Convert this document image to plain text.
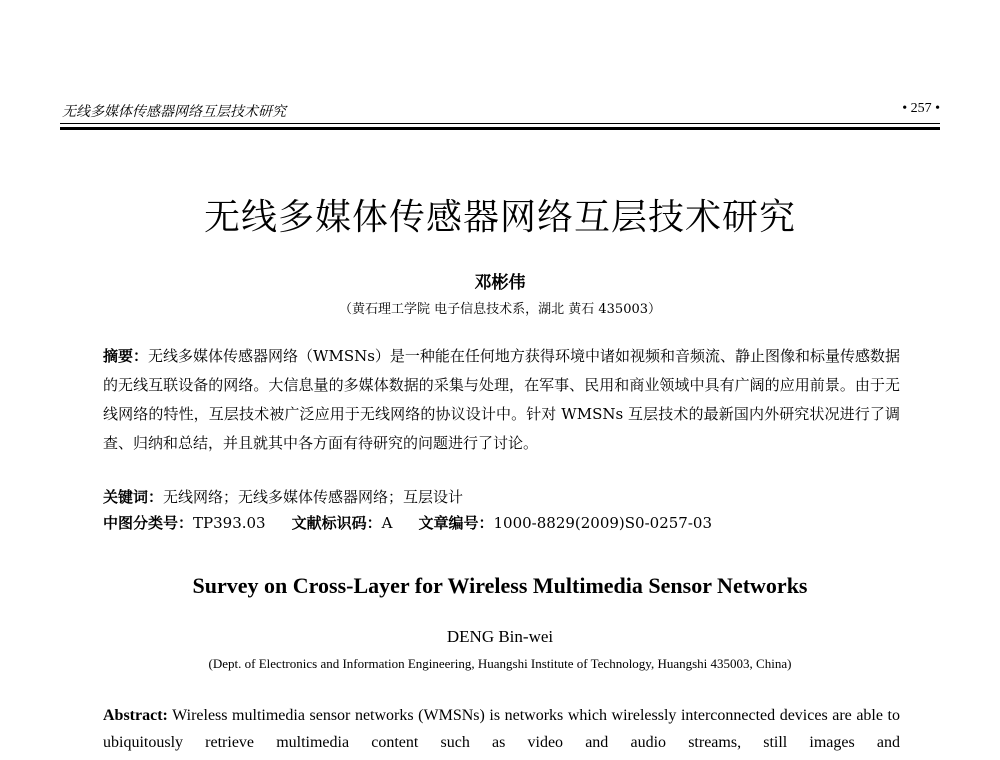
无线多媒体传感器网络互层技术研究	• 257 •
无线多媒体传感器网络互层技术研究
邓彬伟
（黄石理工学院 电子信息技术系，湖北 黄石 435003）
摘要：无线多媒体传感器网络（WMSNs）是一种能在任何地方获得环境中诸如视频和音频流、静止图像和标量传感数据的无线互联设备的网络。大信息量的多媒体数据的采集与处理，在军事、民用和商业领域中具有广阔的应用前景。由于无线网络的特性，互层技术被广泛应用于无线网络的协议设计中。针对 WMSNs 互层技术的最新国内外研究状况进行了调查、归纳和总结，并且就其中各方面有待研究的问题进行了讨论。
关键词：无线网络；无线多媒体传感器网络；互层设计
中图分类号：TP393.03 文献标识码：A 文章编号：1000-8829(2009)S0-0257-03
Survey on Cross-Layer for Wireless Multimedia Sensor Networks
DENG Bin-wei
(Dept. of Electronics and Information Engineering, Huangshi Institute of Technology, Huangshi 435003, China)
Abstract: Wireless multimedia sensor networks (WMSNs) is networks which wirelessly interconnected devices are able to ubiquitously retrieve multimedia content such as video and audio streams, still images and
